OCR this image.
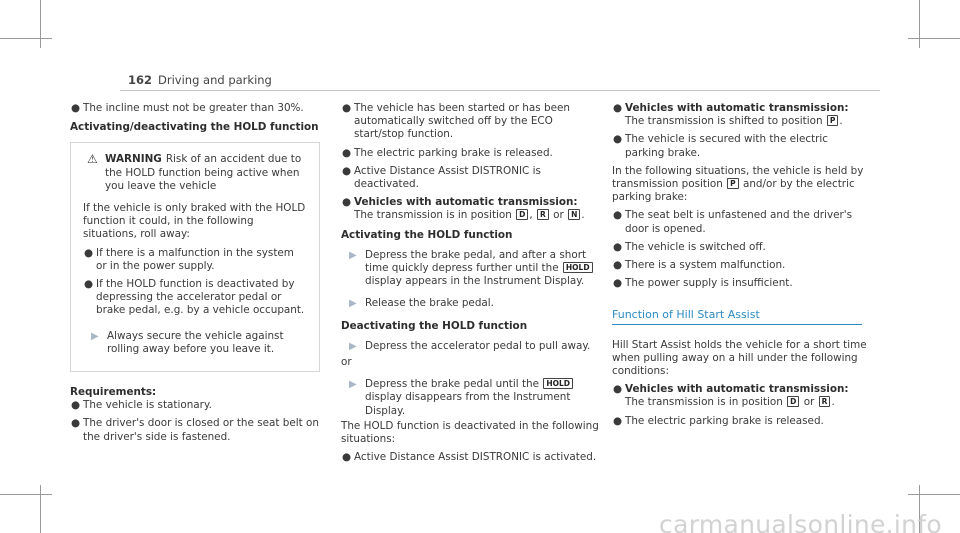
162 Driving and parking
● The incline must not be greater than 30%.
Activating/deactivating the HOLD function
⚠ WARNING Risk of an accident due to the HOLD function being active when you leave the vehicle
If the vehicle is only braked with the HOLD function it could, in the following situations, roll away:
● If there is a malfunction in the system or in the power supply.
● If the HOLD function is deactivated by depressing the accelerator pedal or brake pedal, e.g. by a vehicle occupant.
▶ Always secure the vehicle against rolling away before you leave it.
Requirements:
● The vehicle is stationary.
● The driver's door is closed or the seat belt on the driver's side is fastened.
● The vehicle has been started or has been automatically switched off by the ECO start/stop function.
● The electric parking brake is released.
● Active Distance Assist DISTRONIC is deactivated.
● Vehicles with automatic transmission: The transmission is in position D , R or N .
Activating the HOLD function
▶ Depress the brake pedal, and after a short time quickly depress further until the HOLD display appears in the Instrument Display.
▶ Release the brake pedal.
Deactivating the HOLD function
▶ Depress the accelerator pedal to pull away.
or
▶ Depress the brake pedal until the HOLD display disappears from the Instrument Display.
The HOLD function is deactivated in the following situations:
● Active Distance Assist DISTRONIC is activated.
● Vehicles with automatic transmission: The transmission is shifted to position P .
● The vehicle is secured with the electric parking brake.
In the following situations, the vehicle is held by transmission position P and/or by the electric parking brake:
● The seat belt is unfastened and the driver's door is opened.
● The vehicle is switched off.
● There is a system malfunction.
● The power supply is insufficient.
Function of Hill Start Assist
Hill Start Assist holds the vehicle for a short time when pulling away on a hill under the following conditions:
● Vehicles with automatic transmission: The transmission is in position D or R .
● The electric parking brake is released.
carmanualsonline.info
